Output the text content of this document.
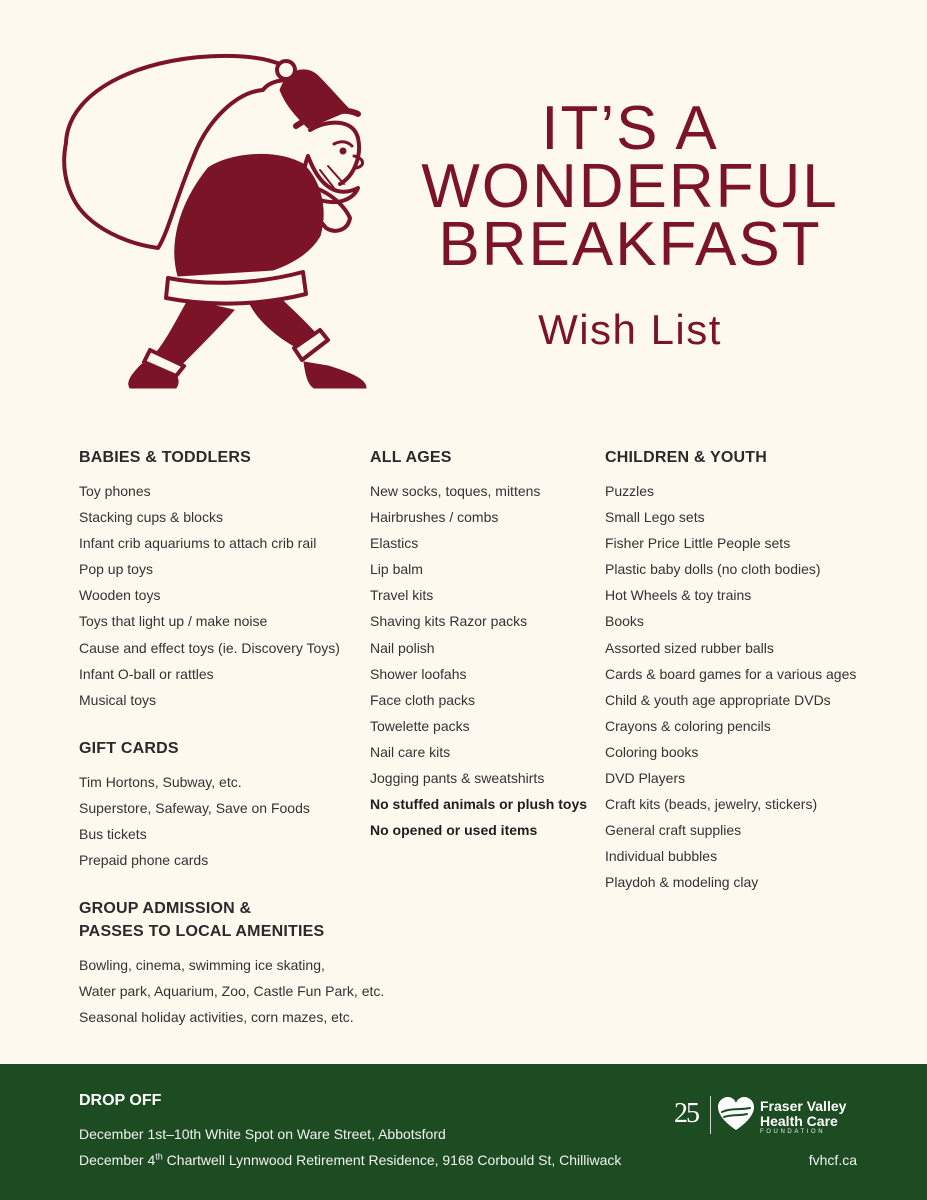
IT’S A
WONDERFUL
BREAKFAST
Wish List
BABIES & TODDLERS
Toy phones
Stacking cups & blocks
Infant crib aquariums to attach crib rail
Pop up toys
Wooden toys
Toys that light up / make noise
Cause and effect toys (ie. Discovery Toys)
Infant O-ball or rattles
Musical toys
GIFT CARDS
Tim Hortons, Subway, etc.
Superstore, Safeway, Save on Foods
Bus tickets
Prepaid phone cards
GROUP ADMISSION &
PASSES TO LOCAL AMENITIES
Bowling, cinema, swimming ice skating,
Water park, Aquarium, Zoo, Castle Fun Park, etc.
Seasonal holiday activities, corn mazes, etc.
ALL AGES
New socks, toques, mittens
Hairbrushes / combs
Elastics
Lip balm
Travel kits
Shaving kits Razor packs
Nail polish
Shower loofahs
Face cloth packs
Towelette packs
Nail care kits
Jogging pants & sweatshirts
No stuffed animals or plush toys
No opened or used items
CHILDREN & YOUTH
Puzzles
Small Lego sets
Fisher Price Little People sets
Plastic baby dolls (no cloth bodies)
Hot Wheels & toy trains
Books
Assorted sized rubber balls
Cards & board games for a various ages
Child & youth age appropriate DVDs
Crayons & coloring pencils
Coloring books
DVD Players
Craft kits (beads, jewelry, stickers)
General craft supplies
Individual bubbles
Playdoh & modeling clay
DROP OFF
December 1st–10th White Spot on Ware Street, Abbotsford
December 4th Chartwell Lynnwood Retirement Residence, 9168 Corbould St, Chilliwack
25	Fraser Valley
Health Care
FOUNDATION
fvhcf.ca
